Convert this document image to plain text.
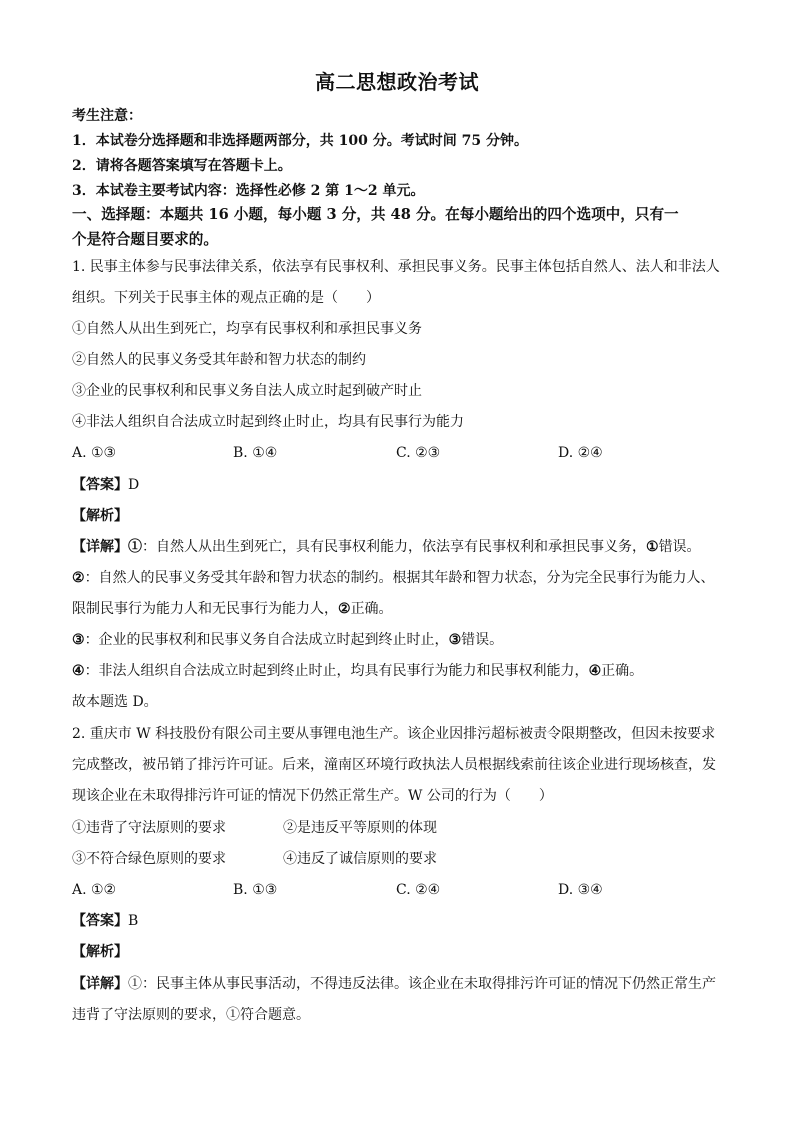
高二思想政治考试
考生注意：
1．本试卷分选择题和非选择题两部分，共 100 分。考试时间 75 分钟。
2．请将各题答案填写在答题卡上。
3．本试卷主要考试内容：选择性必修 2 第 1～2 单元。
一、选择题：本题共 16 小题，每小题 3 分，共 48 分。在每小题给出的四个选项中，只有一
个是符合题目要求的。
1. 民事主体参与民事法律关系，依法享有民事权利、承担民事义务。民事主体包括自然人、法人和非法人
组织。下列关于民事主体的观点正确的是（　　）
①自然人从出生到死亡，均享有民事权利和承担民事义务
②自然人的民事义务受其年龄和智力状态的制约
③企业的民事权利和民事义务自法人成立时起到破产时止
④非法人组织自合法成立时起到终止时止，均具有民事行为能力
A. ①③	B. ①④	C. ②③	D. ②④
【答案】D
【解析】
【详解】①：自然人从出生到死亡，具有民事权利能力，依法享有民事权利和承担民事义务，①错误。
②：自然人的民事义务受其年龄和智力状态的制约。根据其年龄和智力状态，分为完全民事行为能力人、
限制民事行为能力人和无民事行为能力人，②正确。
③：企业的民事权利和民事义务自合法成立时起到终止时止，③错误。
④：非法人组织自合法成立时起到终止时止，均具有民事行为能力和民事权利能力，④正确。
故本题选 D。
2. 重庆市 W 科技股份有限公司主要从事锂电池生产。该企业因排污超标被责令限期整改，但因未按要求
完成整改，被吊销了排污许可证。后来，潼南区环境行政执法人员根据线索前往该企业进行现场核查，发
现该企业在未取得排污许可证的情况下仍然正常生产。W 公司的行为（　　）
①违背了守法原则的要求	②是违反平等原则的体现
③不符合绿色原则的要求	④违反了诚信原则的要求
A. ①②	B. ①③	C. ②④	D. ③④
【答案】B
【解析】
【详解】①：民事主体从事民事活动，不得违反法律。该企业在未取得排污许可证的情况下仍然正常生产
违背了守法原则的要求，①符合题意。
